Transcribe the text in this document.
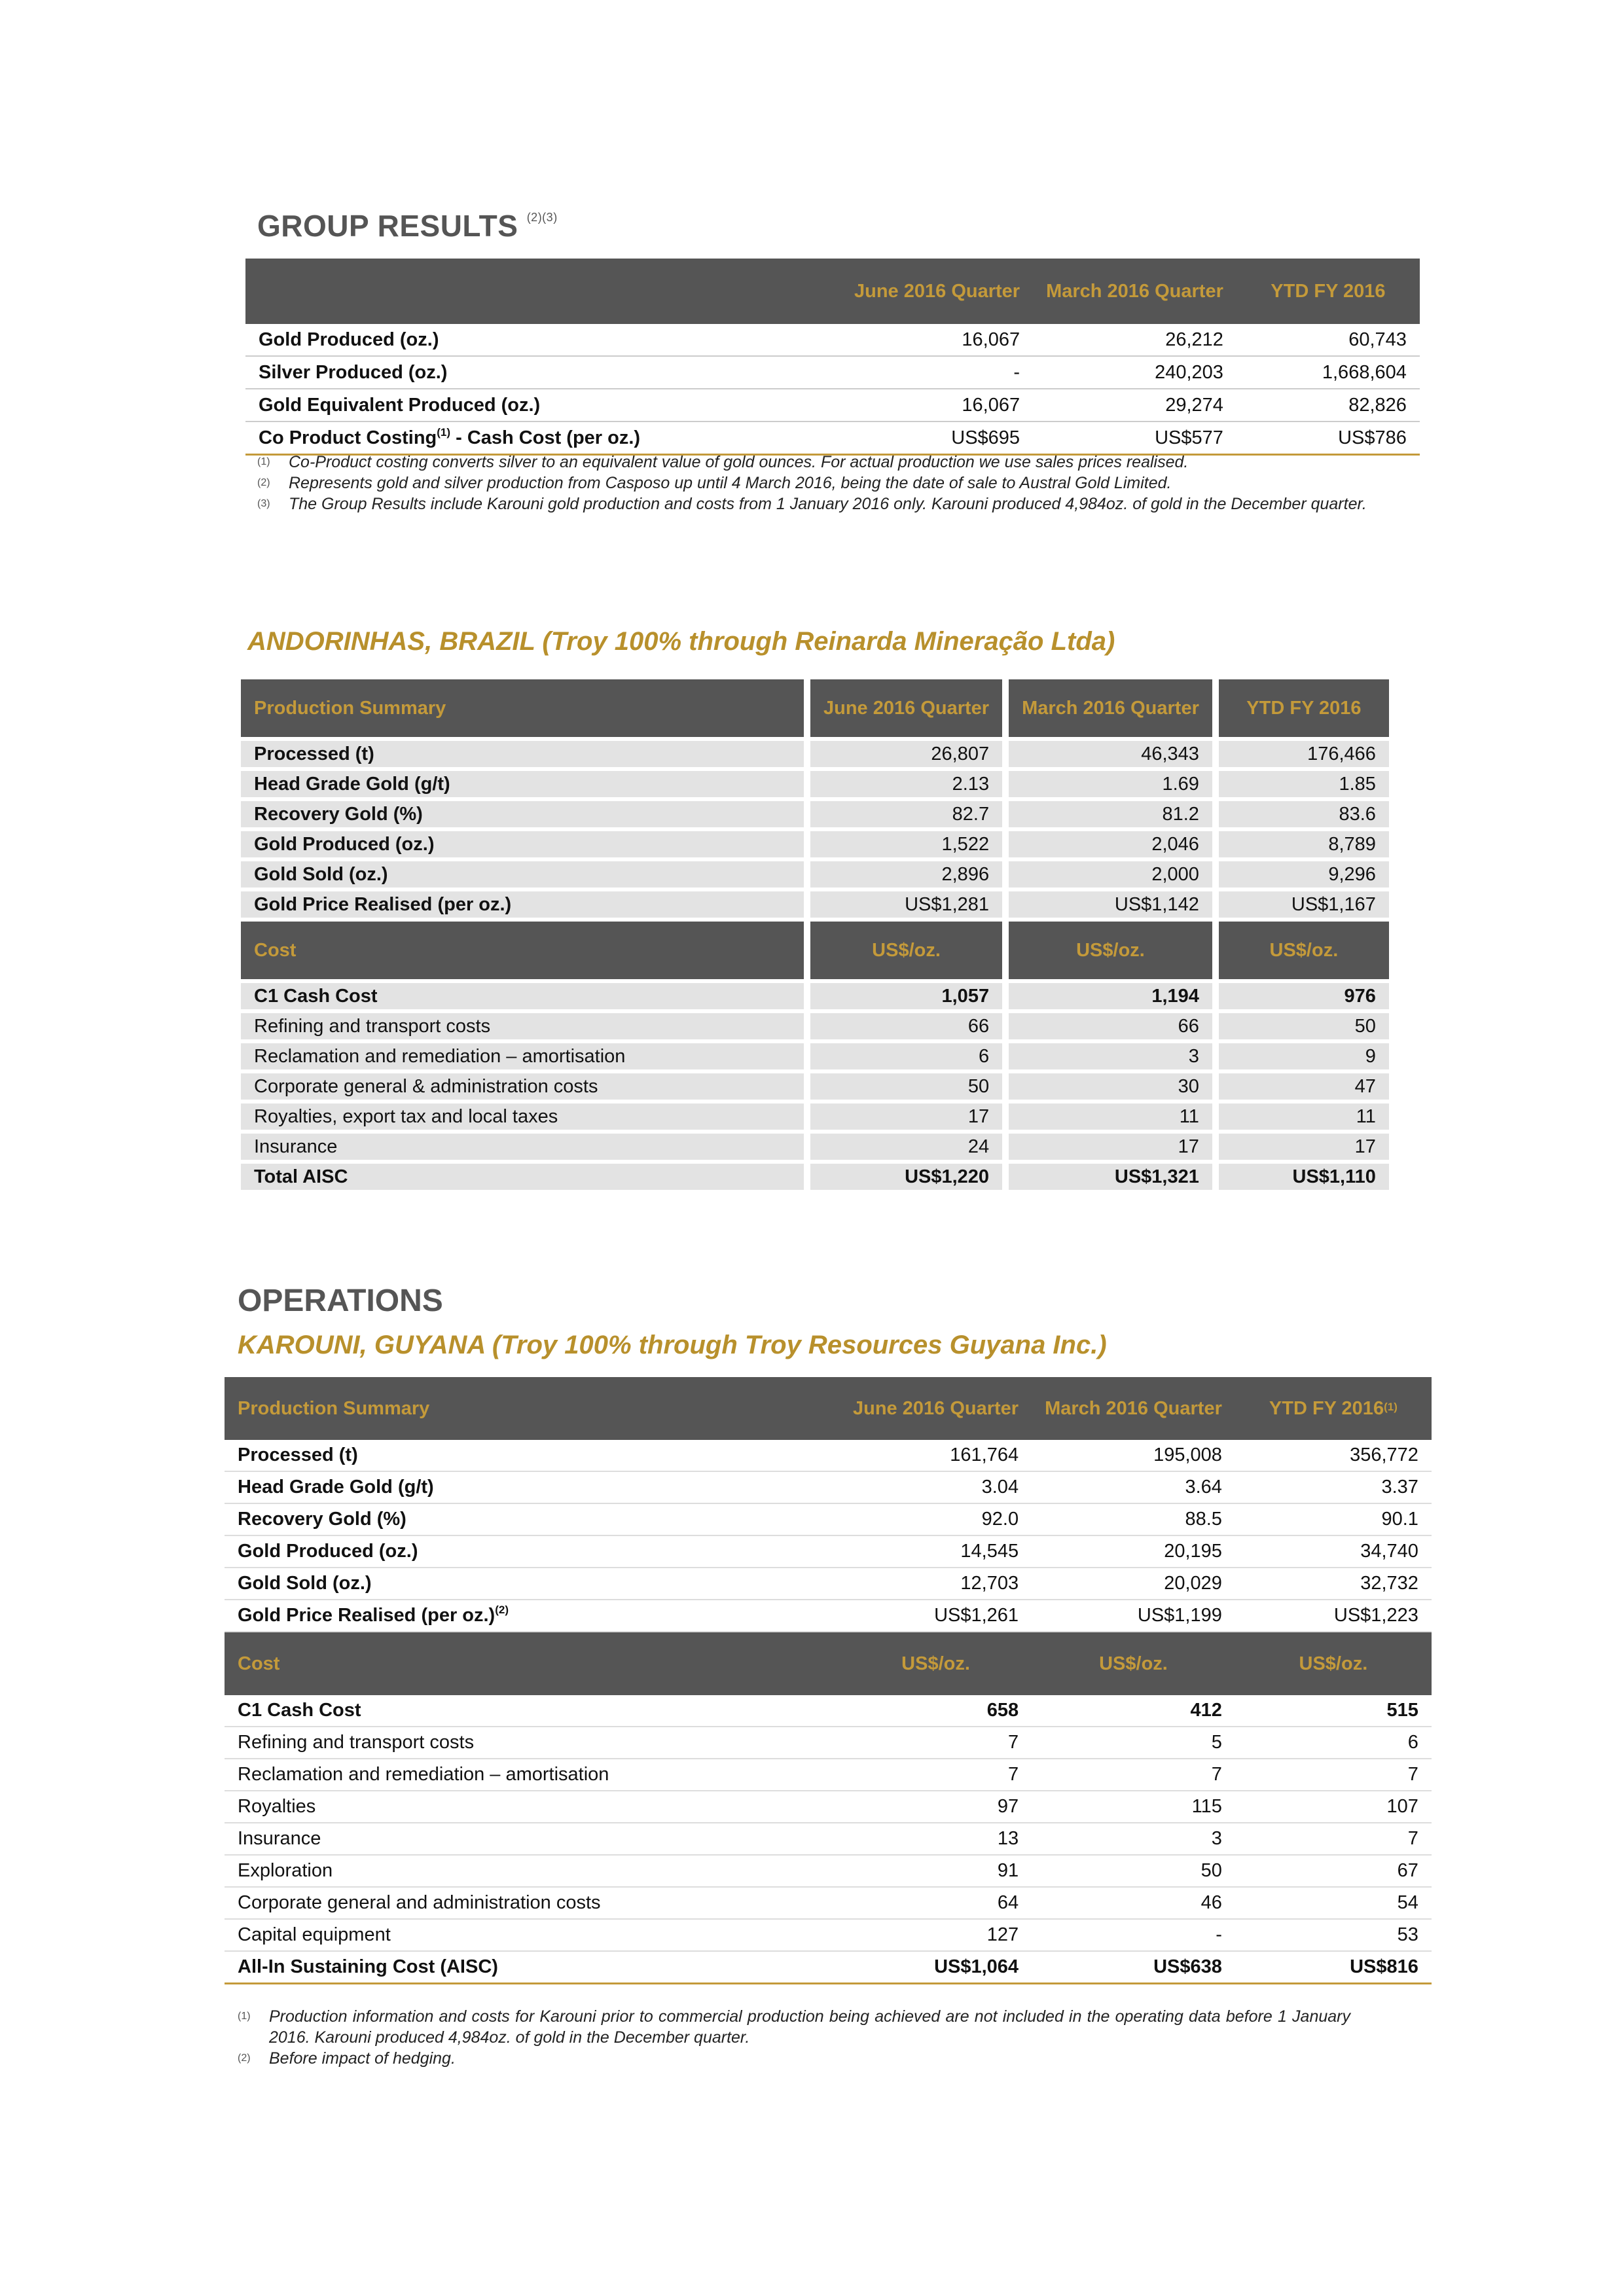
GROUP RESULTS $^{(2)(3)}$
	June 2016 Quarter	March 2016 Quarter	YTD FY 2016
Gold Produced (oz.)	16,067	26,212	60,743
Silver Produced (oz.)	-	240,203	1,668,604
Gold Equivalent Produced (oz.)	16,067	29,274	82,826
Co Product Costing$^{(1)}$ - Cash Cost (per oz.)	US$695	US$577	US$786
(1)	Co-Product costing converts silver to an equivalent value of gold ounces. For actual production we use sales prices realised.
(2)	Represents gold and silver production from Casposo up until 4 March 2016, being the date of sale to Austral Gold Limited.
(3)	The Group Results include Karouni gold production and costs from 1 January 2016 only. Karouni produced 4,984oz. of gold in the December quarter.
ANDORINHAS, BRAZIL (Troy 100% through Reinarda Mineração Ltda)
Production Summary	June 2016 Quarter	March 2016 Quarter	YTD FY 2016
Processed (t)	26,807	46,343	176,466
Head Grade Gold (g/t)	2.13	1.69	1.85
Recovery Gold (%)	82.7	81.2	83.6
Gold Produced (oz.)	1,522	2,046	8,789
Gold Sold (oz.)	2,896	2,000	9,296
Gold Price Realised (per oz.)	US$1,281	US$1,142	US$1,167
Cost	US$/oz.	US$/oz.	US$/oz.
C1 Cash Cost	1,057	1,194	976
Refining and transport costs	66	66	50
Reclamation and remediation – amortisation	6	3	9
Corporate general & administration costs	50	30	47
Royalties, export tax and local taxes	17	11	11
Insurance	24	17	17
Total AISC	US$1,220	US$1,321	US$1,110
OPERATIONS
KAROUNI, GUYANA (Troy 100% through Troy Resources Guyana Inc.)
Production Summary	June 2016 Quarter	March 2016 Quarter	YTD FY 2016$^{(1)}$
Processed (t)	161,764	195,008	356,772
Head Grade Gold (g/t)	3.04	3.64	3.37
Recovery Gold (%)	92.0	88.5	90.1
Gold Produced (oz.)	14,545	20,195	34,740
Gold Sold (oz.)	12,703	20,029	32,732
Gold Price Realised (per oz.)$^{(2)}$	US$1,261	US$1,199	US$1,223
Cost	US$/oz.	US$/oz.	US$/oz.
C1 Cash Cost	658	412	515
Refining and transport costs	7	5	6
Reclamation and remediation – amortisation	7	7	7
Royalties	97	115	107
Insurance	13	3	7
Exploration	91	50	67
Corporate general and administration costs	64	46	54
Capital equipment	127	-	53
All-In Sustaining Cost (AISC)	US$1,064	US$638	US$816
(1)	Production information and costs for Karouni prior to commercial production being achieved are not included in the operating data before 1 January 2016. Karouni produced 4,984oz. of gold in the December quarter.
(2)	Before impact of hedging.
